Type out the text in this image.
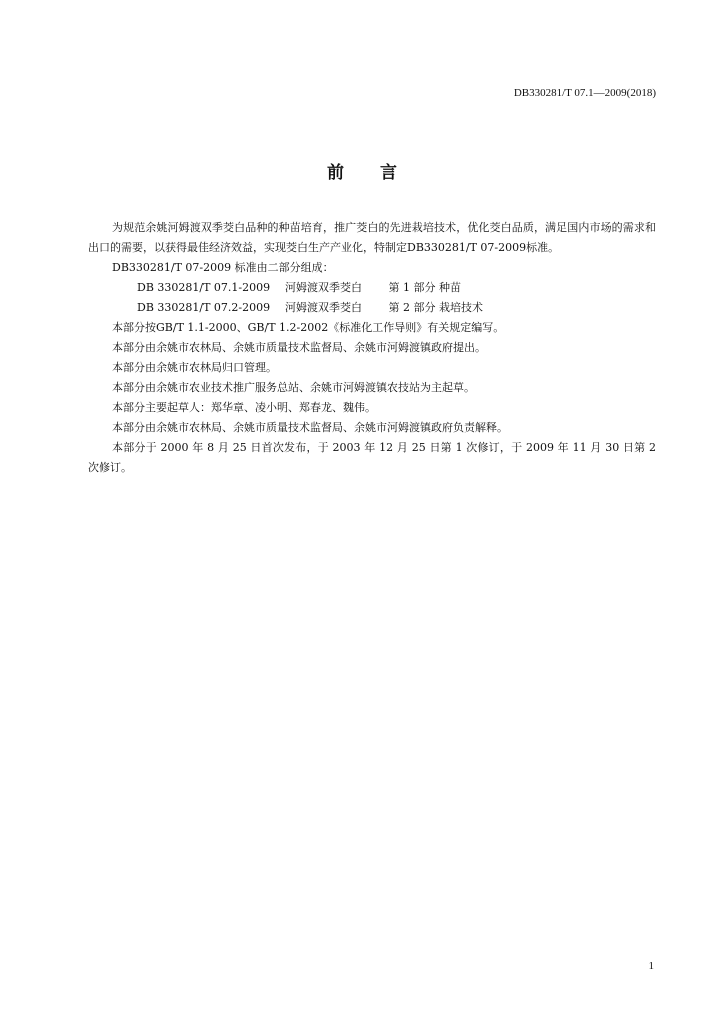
DB330281/T 07.1—2009(2018)
前言

为规范余姚河姆渡双季茭白品种的种苗培育，推广茭白的先进栽培技术，优化茭白品质，满足国内市场的需求和出口的需要，以获得最佳经济效益，实现茭白生产产业化，特制定DB330281/T 07-2009标准。

DB330281/T 07-2009 标准由二部分组成：

DB 330281/T 07.1-2009 河姆渡双季茭白 第 1 部分 种苗

DB 330281/T 07.2-2009 河姆渡双季茭白 第 2 部分 栽培技术

本部分按GB/T 1.1-2000、GB/T 1.2-2002《标准化工作导则》有关规定编写。

本部分由余姚市农林局、余姚市质量技术监督局、余姚市河姆渡镇政府提出。

本部分由余姚市农林局归口管理。

本部分由余姚市农业技术推广服务总站、余姚市河姆渡镇农技站为主起草。

本部分主要起草人：郑华章、凌小明、郑春龙、魏伟。

本部分由余姚市农林局、余姚市质量技术监督局、余姚市河姆渡镇政府负责解释。

本部分于 2000 年 8 月 25 日首次发布，于 2003 年 12 月 25 日第 1 次修订，于 2009 年 11 月 30 日第 2 次修订。

1
